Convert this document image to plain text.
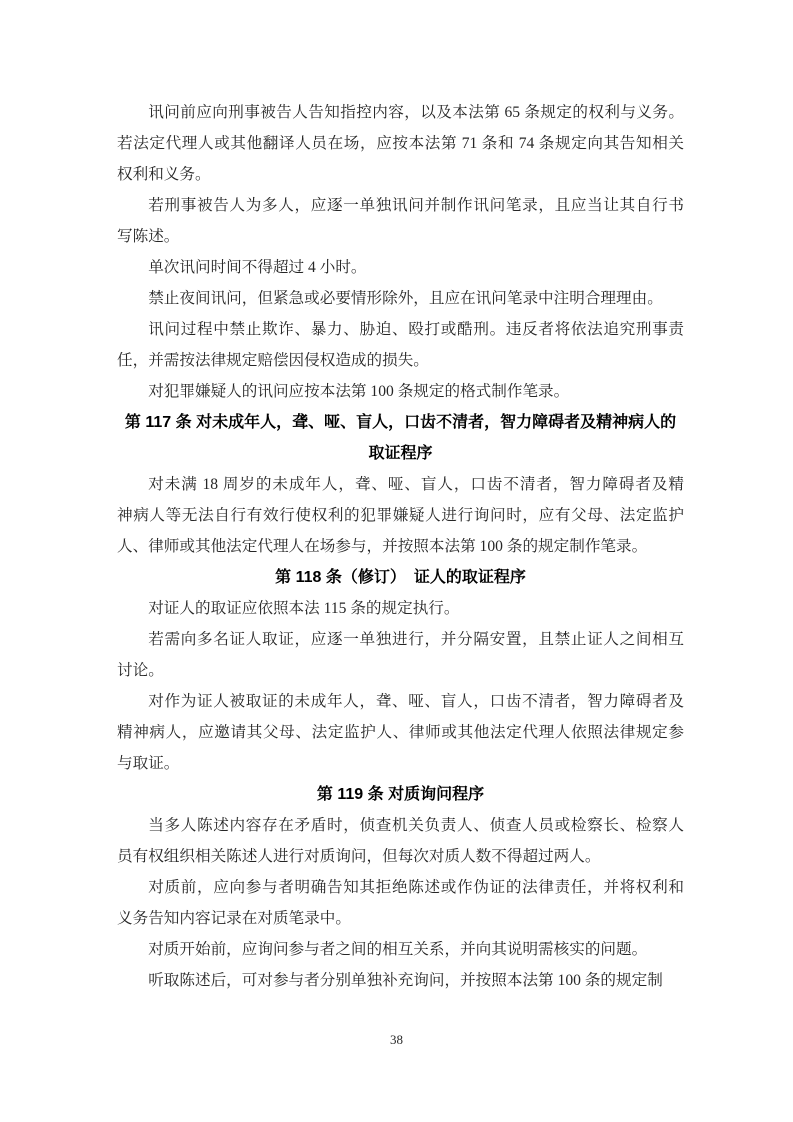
讯问前应向刑事被告人告知指控内容，以及本法第 65 条规定的权利与义务。
若法定代理人或其他翻译人员在场，应按本法第 71 条和 74 条规定向其告知相关
权利和义务。
若刑事被告人为多人，应逐一单独讯问并制作讯问笔录，且应当让其自行书
写陈述。
单次讯问时间不得超过 4 小时。
禁止夜间讯问，但紧急或必要情形除外，且应在讯问笔录中注明合理理由。
讯问过程中禁止欺诈、暴力、胁迫、殴打或酷刑。违反者将依法追究刑事责
任，并需按法律规定赔偿因侵权造成的损失。
对犯罪嫌疑人的讯问应按本法第 100 条规定的格式制作笔录。
第 117 条 对未成年人，聋、哑、盲人，口齿不清者，智力障碍者及精神病人的
取证程序
对未满 18 周岁的未成年人，聋、哑、盲人，口齿不清者，智力障碍者及精
神病人等无法自行有效行使权利的犯罪嫌疑人进行询问时，应有父母、法定监护
人、律师或其他法定代理人在场参与，并按照本法第 100 条的规定制作笔录。
第 118 条（修订）　证人的取证程序
对证人的取证应依照本法 115 条的规定执行。
若需向多名证人取证，应逐一单独进行，并分隔安置，且禁止证人之间相互
讨论。
对作为证人被取证的未成年人，聋、哑、盲人，口齿不清者，智力障碍者及
精神病人，应邀请其父母、法定监护人、律师或其他法定代理人依照法律规定参
与取证。
第 119 条 对质询问程序
当多人陈述内容存在矛盾时，侦查机关负责人、侦查人员或检察长、检察人
员有权组织相关陈述人进行对质询问，但每次对质人数不得超过两人。
对质前，应向参与者明确告知其拒绝陈述或作伪证的法律责任，并将权利和
义务告知内容记录在对质笔录中。
对质开始前，应询问参与者之间的相互关系，并向其说明需核实的问题。
听取陈述后，可对参与者分别单独补充询问，并按照本法第 100 条的规定制
38
